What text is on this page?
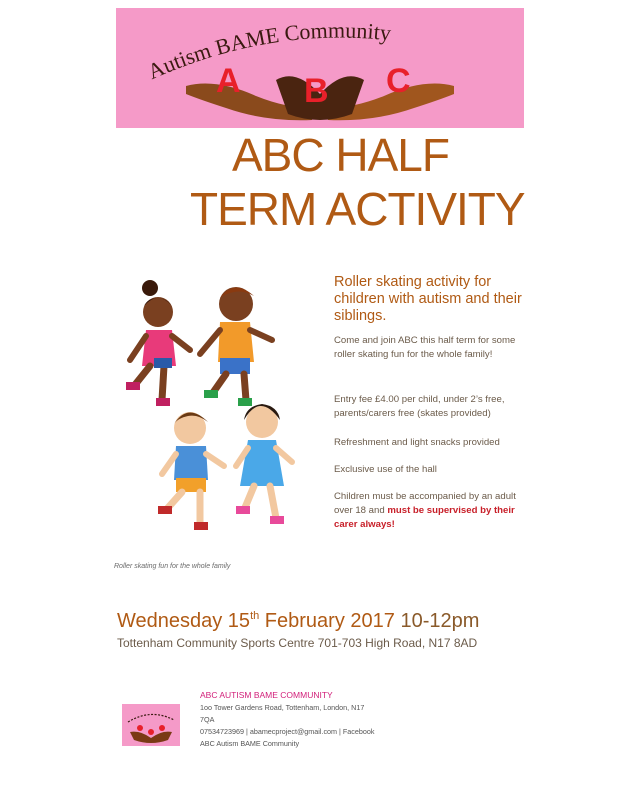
Autism BAME Community
A B C
ABC HALF
TERM ACTIVITY
Roller skating fun for the whole family
Roller skating activity for children with autism and their siblings.
Come and join ABC this half term for some roller skating fun for the whole family!
Entry fee £4.00 per child, under 2’s free, parents/carers free (skates provided)
Refreshment and light snacks provided
Exclusive use of the hall
Children must be accompanied by an adult over 18 and must be supervised by their carer always!
Wednesday 15th February 2017 10-12pm
Tottenham Community Sports Centre 701-703 High Road, N17 8AD
ABC AUTISM BAME COMMUNITY
1oo Tower Gardens Road, Tottenham, London, N17
7QA
07534723969 | abamecproject@gmail.com | Facebook
ABC Autism BAME Community
